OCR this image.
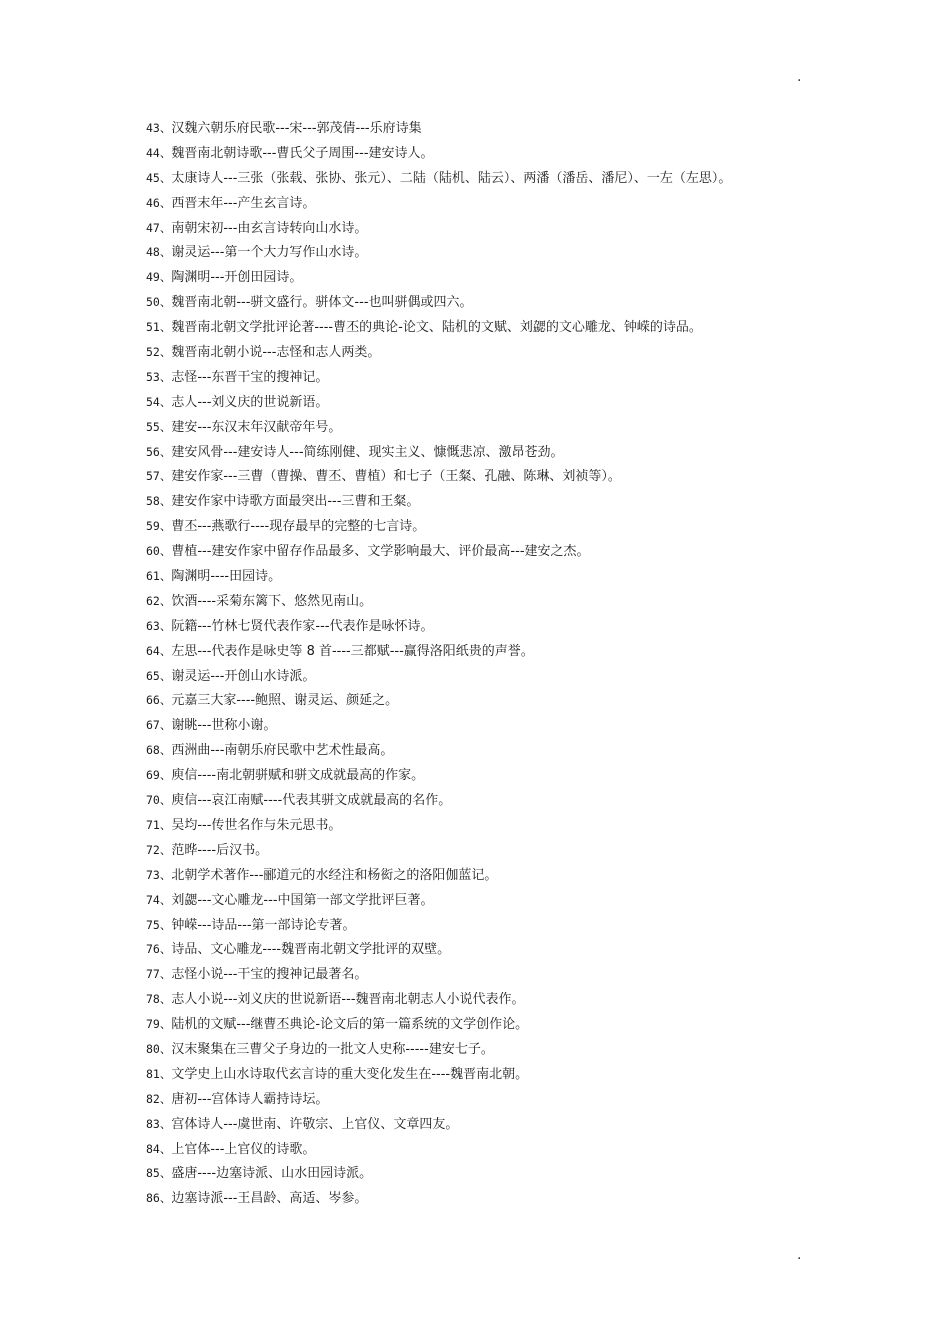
.
43、汉魏六朝乐府民歌---宋---郭茂倩---乐府诗集
44、魏晋南北朝诗歌---曹氏父子周围---建安诗人。
45、太康诗人---三张（张载、张协、张元）、二陆（陆机、陆云）、两潘（潘岳、潘尼）、一左（左思）。
46、西晋末年---产生玄言诗。
47、南朝宋初---由玄言诗转向山水诗。
48、谢灵运---第一个大力写作山水诗。
49、陶渊明---开创田园诗。
50、魏晋南北朝---骈文盛行。骈体文---也叫骈偶或四六。
51、魏晋南北朝文学批评论著----曹丕的典论-论文、陆机的文赋、刘勰的文心雕龙、钟嵘的诗品。
52、魏晋南北朝小说---志怪和志人两类。
53、志怪---东晋干宝的搜神记。
54、志人---刘义庆的世说新语。
55、建安---东汉末年汉献帝年号。
56、建安风骨---建安诗人---简练刚健、现实主义、慷慨悲凉、激昂苍劲。
57、建安作家---三曹（曹操、曹丕、曹植）和七子（王粲、孔融、陈琳、刘祯等）。
58、建安作家中诗歌方面最突出---三曹和王粲。
59、曹丕---燕歌行----现存最早的完整的七言诗。
60、曹植---建安作家中留存作品最多、文学影响最大、评价最高---建安之杰。
61、陶渊明----田园诗。
62、饮酒----采菊东篱下、悠然见南山。
63、阮籍---竹林七贤代表作家---代表作是咏怀诗。
64、左思---代表作是咏史等 8 首----三都赋---赢得洛阳纸贵的声誉。
65、谢灵运---开创山水诗派。
66、元嘉三大家----鲍照、谢灵运、颜延之。
67、谢眺---世称小谢。
68、西洲曲---南朝乐府民歌中艺术性最高。
69、庾信----南北朝骈赋和骈文成就最高的作家。
70、庾信---哀江南赋----代表其骈文成就最高的名作。
71、吴均---传世名作与朱元思书。
72、范晔----后汉书。
73、北朝学术著作---郦道元的水经注和杨衒之的洛阳伽蓝记。
74、刘勰---文心雕龙---中国第一部文学批评巨著。
75、钟嵘---诗品---第一部诗论专著。
76、诗品、文心雕龙----魏晋南北朝文学批评的双壁。
77、志怪小说---干宝的搜神记最著名。
78、志人小说---刘义庆的世说新语---魏晋南北朝志人小说代表作。
79、陆机的文赋---继曹丕典论-论文后的第一篇系统的文学创作论。
80、汉末聚集在三曹父子身边的一批文人史称-----建安七子。
81、文学史上山水诗取代玄言诗的重大变化发生在----魏晋南北朝。
82、唐初---宫体诗人霸持诗坛。
83、宫体诗人---虞世南、许敬宗、上官仪、文章四友。
84、上官体---上官仪的诗歌。
85、盛唐----边塞诗派、山水田园诗派。
86、边塞诗派---王昌龄、高适、岑参。
.
